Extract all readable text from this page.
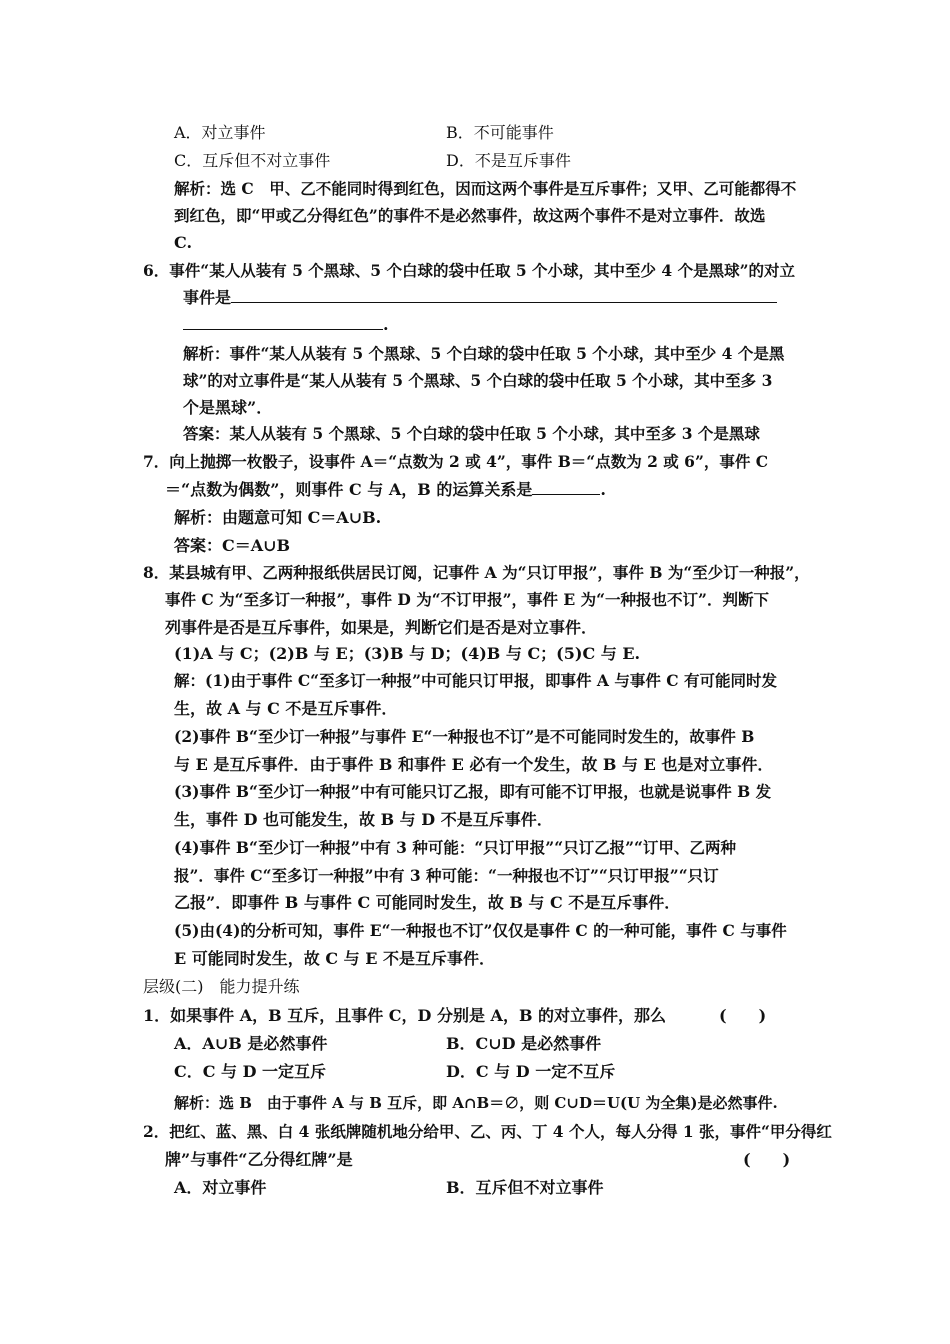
A．对立事件	B．不可能事件
C．互斥但不对立事件	D．不是互斥事件
解析：选 C　甲、乙不能同时得到红色，因而这两个事件是互斥事件；又甲、乙可能都得不
到红色，即“甲或乙分得红色”的事件不是必然事件，故这两个事件不是对立事件．故选
C.
6．事件“某人从装有 5 个黑球、5 个白球的袋中任取 5 个小球，其中至少 4 个是黑球”的对立
事件是
.
解析：事件“某人从装有 5 个黑球、5 个白球的袋中任取 5 个小球，其中至少 4 个是黑
球”的对立事件是“某人从装有 5 个黑球、5 个白球的袋中任取 5 个小球，其中至多 3
个是黑球”．
答案：某人从装有 5 个黑球、5 个白球的袋中任取 5 个小球，其中至多 3 个是黑球
7．向上抛掷一枚骰子，设事件 A＝“点数为 2 或 4”，事件 B＝“点数为 2 或 6”，事件 C
＝“点数为偶数”，则事件 C 与 A，B 的运算关系是	.
解析：由题意可知 C＝A∪B.
答案：C＝A∪B
8．某县城有甲、乙两种报纸供居民订阅，记事件 A 为“只订甲报”，事件 B 为“至少订一种报”，
事件 C 为“至多订一种报”，事件 D 为“不订甲报”，事件 E 为“一种报也不订”．判断下
列事件是否是互斥事件，如果是，判断它们是否是对立事件．
(1)A 与 C；(2)B 与 E；(3)B 与 D；(4)B 与 C；(5)C 与 E.
解：(1)由于事件 C“至多订一种报”中可能只订甲报，即事件 A 与事件 C 有可能同时发
生，故 A 与 C 不是互斥事件．
(2)事件 B“至少订一种报”与事件 E“一种报也不订”是不可能同时发生的，故事件 B
与 E 是互斥事件．由于事件 B 和事件 E 必有一个发生，故 B 与 E 也是对立事件．
(3)事件 B“至少订一种报”中有可能只订乙报，即有可能不订甲报，也就是说事件 B 发
生，事件 D 也可能发生，故 B 与 D 不是互斥事件．
(4)事件 B“至少订一种报”中有 3 种可能：“只订甲报”“只订乙报”“订甲、乙两种
报”．事件 C“至多订一种报”中有 3 种可能：“一种报也不订”“只订甲报”“只订
乙报”．即事件 B 与事件 C 可能同时发生，故 B 与 C 不是互斥事件．
(5)由(4)的分析可知，事件 E“一种报也不订”仅仅是事件 C 的一种可能，事件 C 与事件
E 可能同时发生，故 C 与 E 不是互斥事件．
层级(二)　能力提升练
1．如果事件 A，B 互斥，且事件 C，D 分别是 A，B 的对立事件，那么	(　　)
A．A∪B 是必然事件	B．C∪D 是必然事件
C．C 与 D 一定互斥	D．C 与 D 一定不互斥
解析：选 B　由于事件 A 与 B 互斥，即 A∩B＝∅，则 C∪D＝U(U 为全集)是必然事件.
2．把红、蓝、黑、白 4 张纸牌随机地分给甲、乙、丙、丁 4 个人，每人分得 1 张，事件“甲分得红
牌”与事件“乙分得红牌”是	(　　)
A．对立事件	B．互斥但不对立事件
